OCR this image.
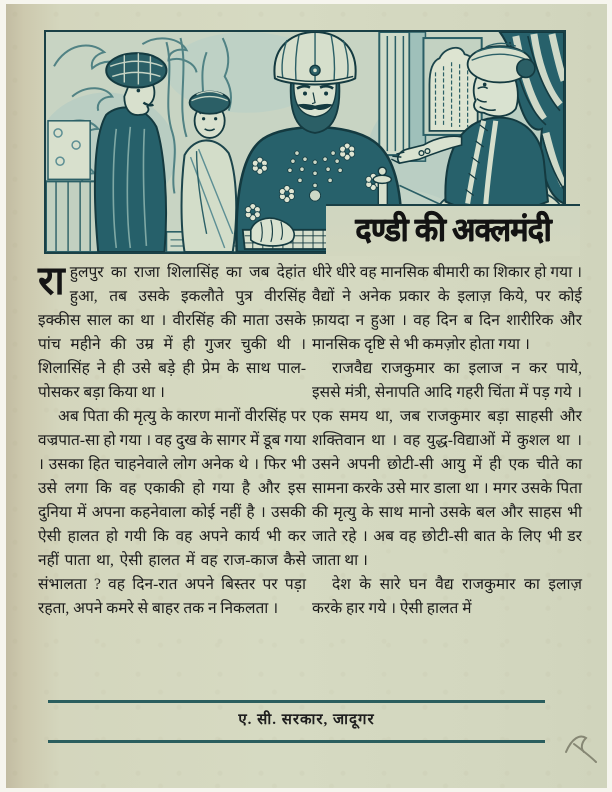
दण्डी की अक्लमंदी

राहुलपुर का राजा शिलासिंह का जब देहांत हुआ, तब उसके इकलौते पुत्र वीरसिंह इक्कीस साल का था । वीरसिंह की माता उसके पांच महीने की उम्र में ही गुजर चुकी थी । शिलासिंह ने ही उसे बड़े ही प्रेम के साथ पाल-पोसकर बड़ा किया था ।

अब पिता की मृत्यु के कारण मानों वीरसिंह पर वज्रपात-सा हो गया । वह दुख के सागर में डूब गया । उसका हित चाहनेवाले लोग अनेक थे । फिर भी उसे लगा कि वह एकाकी हो गया है और इस दुनिया में अपना कहनेवाला कोई नहीं है । उसकी ऐसी हालत हो गयी कि वह अपने कार्य भी कर नहीं पाता था, ऐसी हालत में वह राज-काज कैसे संभालता ? वह दिन-रात अपने बिस्तर पर पड़ा रहता, अपने कमरे से बाहर तक न निकलता ।

धीरे धीरे वह मानसिक बीमारी का शिकार हो गया । वैद्यों ने अनेक प्रकार के इलाज़ किये, पर कोई फ़ायदा न हुआ । वह दिन ब दिन शारीरिक और मानसिक दृष्टि से भी कमज़ोर होता गया ।

राजवैद्य राजकुमार का इलाज न कर पाये, इससे मंत्री, सेनापति आदि गहरी चिंता में पड़ गये । एक समय था, जब राजकुमार बड़ा साहसी और शक्तिवान था । वह युद्ध-विद्याओं में कुशल था । उसने अपनी छोटी-सी आयु में ही एक चीते का सामना करके उसे मार डाला था । मगर उसके पिता की मृत्यु के साथ मानो उसके बल और साहस भी जाते रहे । अब वह छोटी-सी बात के लिए भी डर जाता था ।

देश के सारे घन वैद्य राजकुमार का इलाज़ करके हार गये । ऐसी हालत में

ए. सी. सरकार, जादूगर
